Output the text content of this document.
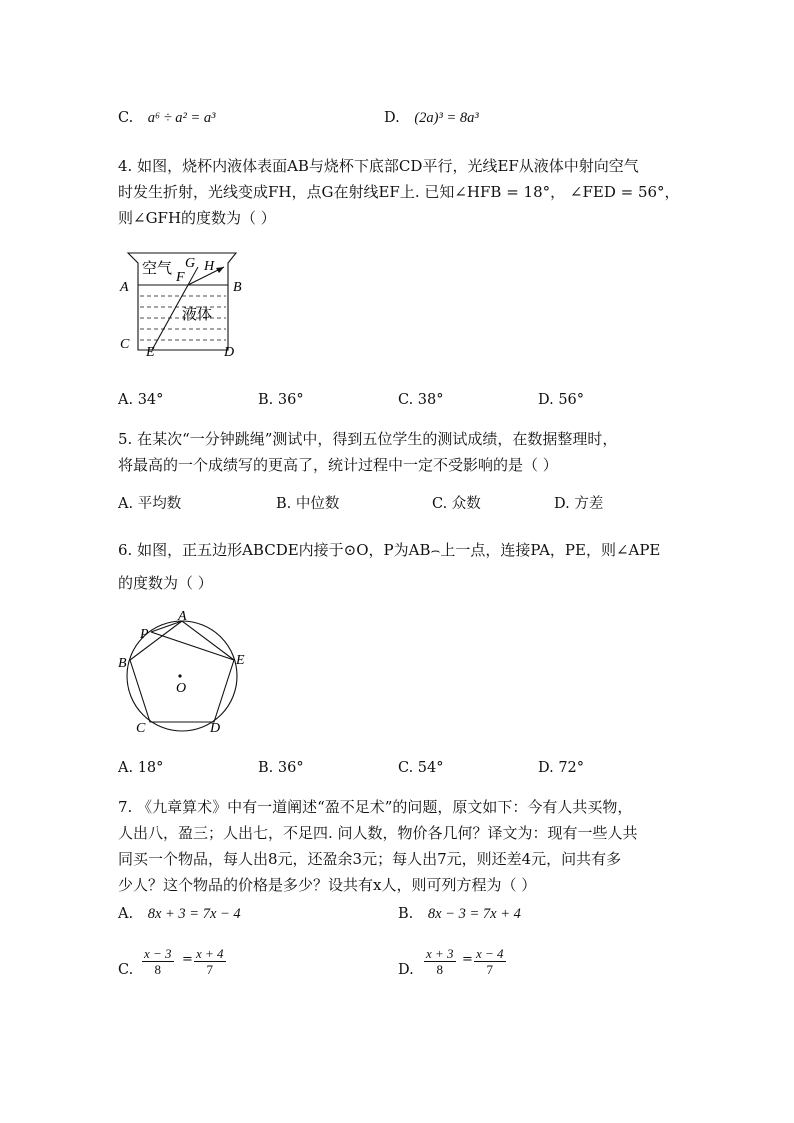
C. a⁶ ÷ a² = a³	D. (2a)³ = 8a³
4. 如图，烧杯内液体表面AB与烧杯下底部CD平行，光线EF从液体中射向空气
时发生折射，光线变成FH，点G在射线EF上. 已知∠HFB = 18°， ∠FED = 56°，
则∠GFH的度数为（ ）
空气
液体
A	B
C
E	D
F
G H
A. 34°	B. 36°	C. 38°	D. 56°
5. 在某次“一分钟跳绳”测试中，得到五位学生的测试成绩，在数据整理时，
将最高的一个成绩写的更高了，统计过程中一定不受影响的是（ ）
A. 平均数	B. 中位数	C. 众数	D. 方差
6. 如图，正五边形ABCDE内接于⊙O，P为AB⌢上一点，连接PA，PE，则∠APE
的度数为（ ）
A
P
B	E
C	D
O
A. 18°	B. 36°	C. 54°	D. 72°
7. 《九章算术》中有一道阐述“盈不足术”的问题，原文如下：今有人共买物，
人出八，盈三；人出七，不足四. 问人数，物价各几何？译文为：现有一些人共
同买一个物品，每人出8元，还盈余3元；每人出7元，则还差4元，问共有多
少人？这个物品的价格是多少？设共有x人，则可列方程为（ ）
A. 8x + 3 = 7x − 4	B. 8x − 3 = 7x + 4
C. $\frac{x - 3}{8} = \frac{x + 4}{7}$	D. $\frac{x + 3}{8} = \frac{x - 4}{7}$
